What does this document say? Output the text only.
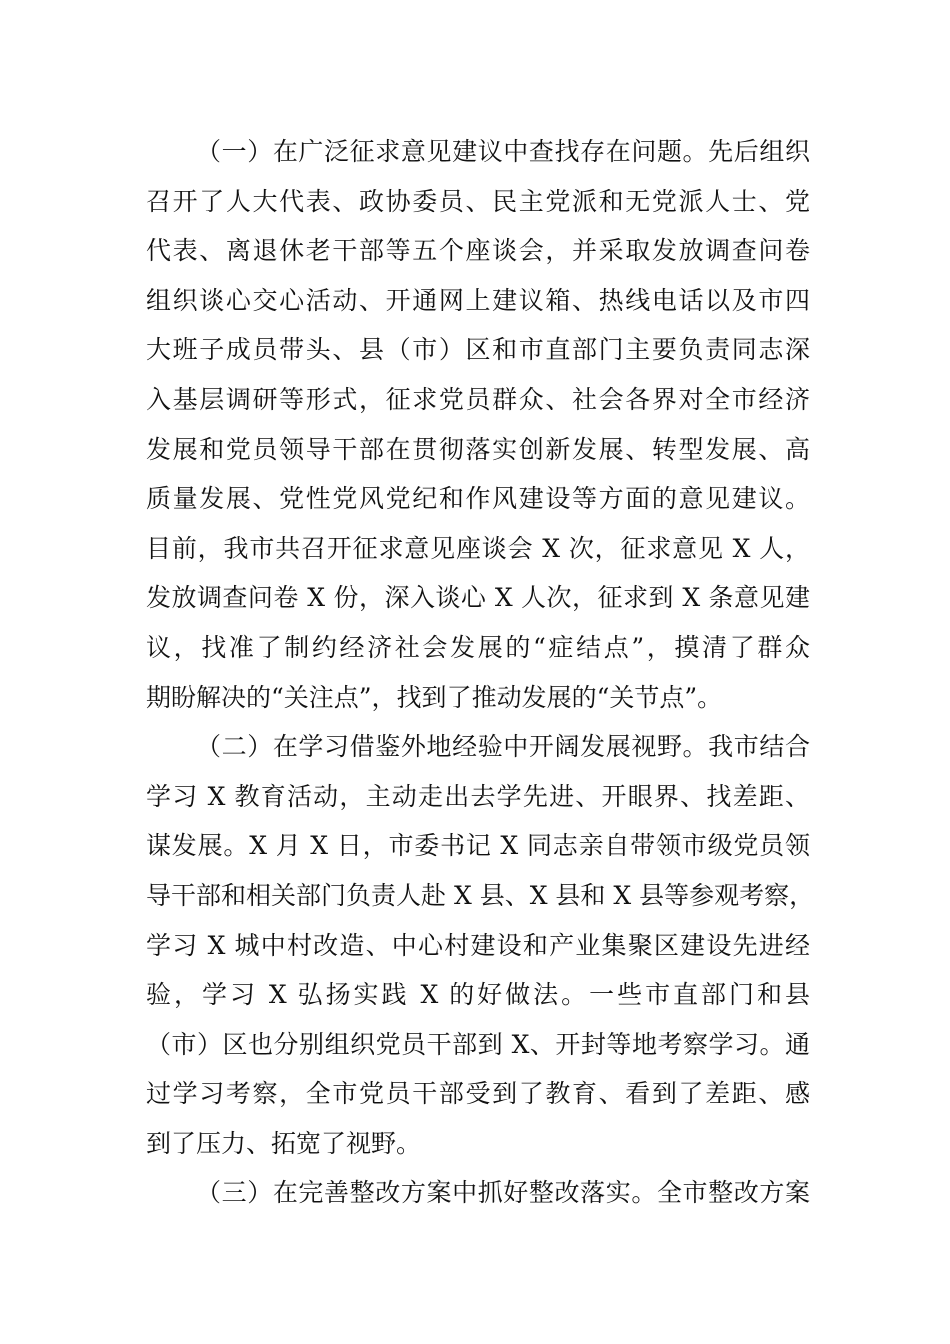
（一）在广泛征求意见建议中查找存在问题。先后组织
召开了人大代表、政协委员、民主党派和无党派人士、党
代表、离退休老干部等五个座谈会，并采取发放调查问卷
组织谈心交心活动、开通网上建议箱、热线电话以及市四
大班子成员带头、县（市）区和市直部门主要负责同志深
入基层调研等形式，征求党员群众、社会各界对全市经济
发展和党员领导干部在贯彻落实创新发展、转型发展、高
质量发展、党性党风党纪和作风建设等方面的意见建议。
目前，我市共召开征求意见座谈会 X 次，征求意见 X 人，
发放调查问卷 X 份，深入谈心 X 人次，征求到 X 条意见建
议，找准了制约经济社会发展的“症结点”，摸清了群众
期盼解决的“关注点”，找到了推动发展的“关节点”。
（二）在学习借鉴外地经验中开阔发展视野。我市结合
学习 X 教育活动，主动走出去学先进、开眼界、找差距、
谋发展。X 月 X 日，市委书记 X 同志亲自带领市级党员领
导干部和相关部门负责人赴 X 县、X 县和 X 县等参观考察，
学习 X 城中村改造、中心村建设和产业集聚区建设先进经
验，学习 X 弘扬实践 X 的好做法。一些市直部门和县
（市）区也分别组织党员干部到 X、开封等地考察学习。通
过学习考察，全市党员干部受到了教育、看到了差距、感
到了压力、拓宽了视野。
（三）在完善整改方案中抓好整改落实。全市整改方案
